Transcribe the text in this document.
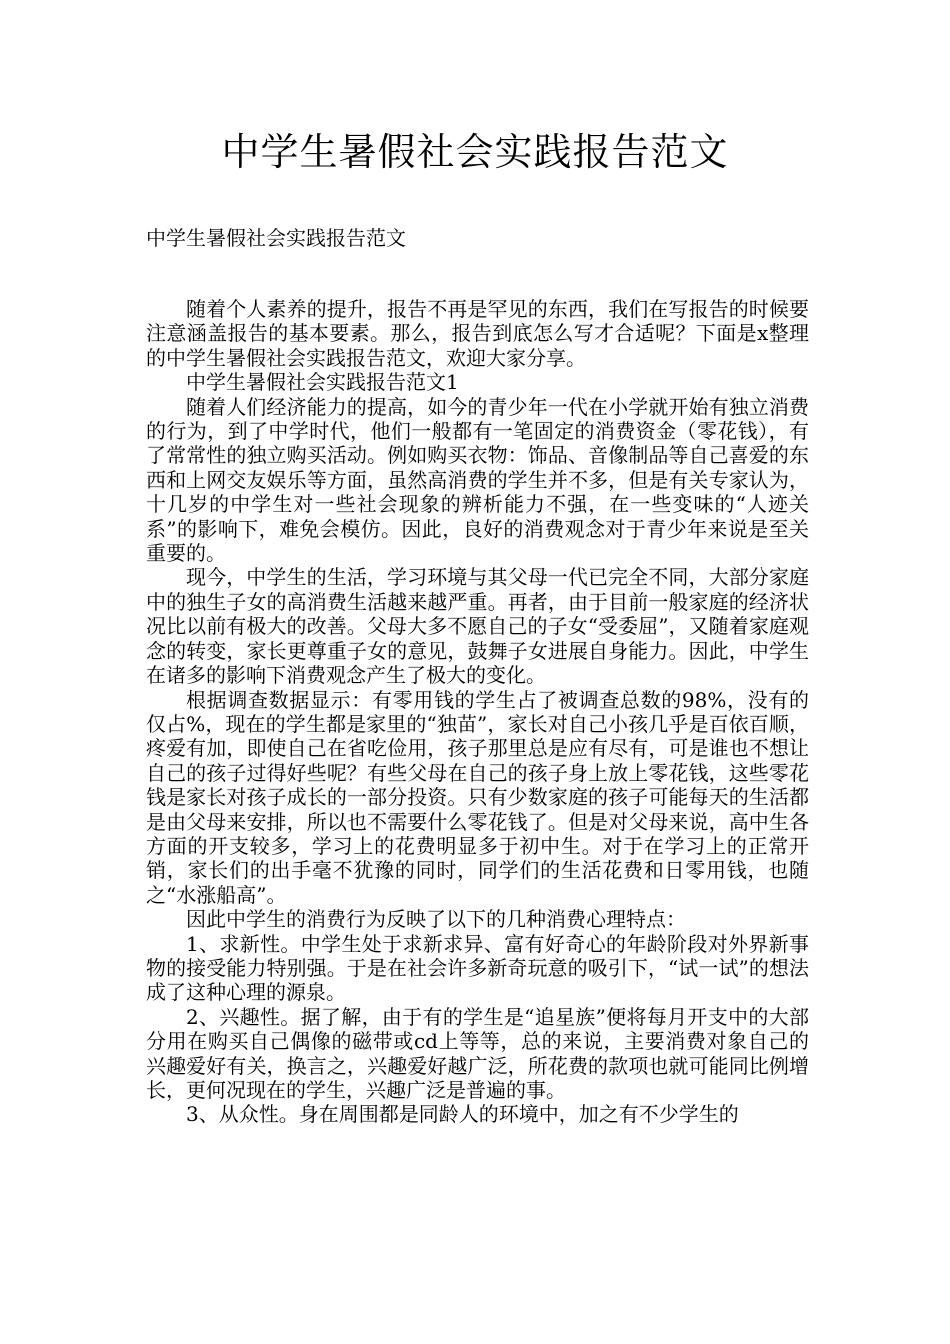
中学生暑假社会实践报告范文

中学生暑假社会实践报告范文

随着个人素养的提升，报告不再是罕见的东西，我们在写报告的时候要注意涵盖报告的基本要素。那么，报告到底怎么写才合适呢？下面是x整理的中学生暑假社会实践报告范文，欢迎大家分享。

中学生暑假社会实践报告范文1

随着人们经济能力的提高，如今的青少年一代在小学就开始有独立消费的行为，到了中学时代，他们一般都有一笔固定的消费资金（零花钱），有了常常性的独立购买活动。例如购买衣物：饰品、音像制品等自己喜爱的东西和上网交友娱乐等方面，虽然高消费的学生并不多，但是有关专家认为，十几岁的中学生对一些社会现象的辨析能力不强，在一些变味的“人迹关系”的影响下，难免会模仿。因此，良好的消费观念对于青少年来说是至关重要的。

现今，中学生的生活，学习环境与其父母一代已完全不同，大部分家庭中的独生子女的高消费生活越来越严重。再者，由于目前一般家庭的经济状况比以前有极大的改善。父母大多不愿自己的子女“受委屈”，又随着家庭观念的转变，家长更尊重子女的意见，鼓舞子女进展自身能力。因此，中学生在诸多的影响下消费观念产生了极大的变化。

根据调查数据显示：有零用钱的学生占了被调查总数的98%，没有的仅占%，现在的学生都是家里的“独苗”，家长对自己小孩几乎是百依百顺，疼爱有加，即使自己在省吃俭用，孩子那里总是应有尽有，可是谁也不想让自己的孩子过得好些呢？有些父母在自己的孩子身上放上零花钱，这些零花钱是家长对孩子成长的一部分投资。只有少数家庭的孩子可能每天的生活都是由父母来安排，所以也不需要什么零花钱了。但是对父母来说，高中生各方面的开支较多，学习上的花费明显多于初中生。对于在学习上的正常开销，家长们的出手毫不犹豫的同时，同学们的生活花费和日零用钱，也随之“水涨船高”。

因此中学生的消费行为反映了以下的几种消费心理特点：

1、求新性。中学生处于求新求异、富有好奇心的年龄阶段对外界新事物的接受能力特别强。于是在社会许多新奇玩意的吸引下，“试一试”的想法成了这种心理的源泉。

2、兴趣性。据了解，由于有的学生是“追星族”便将每月开支中的大部分用在购买自己偶像的磁带或cd上等等，总的来说，主要消费对象自己的兴趣爱好有关，换言之，兴趣爱好越广泛，所花费的款项也就可能同比例增长，更何况现在的学生，兴趣广泛是普遍的事。

3、从众性。身在周围都是同龄人的环境中，加之有不少学生的
